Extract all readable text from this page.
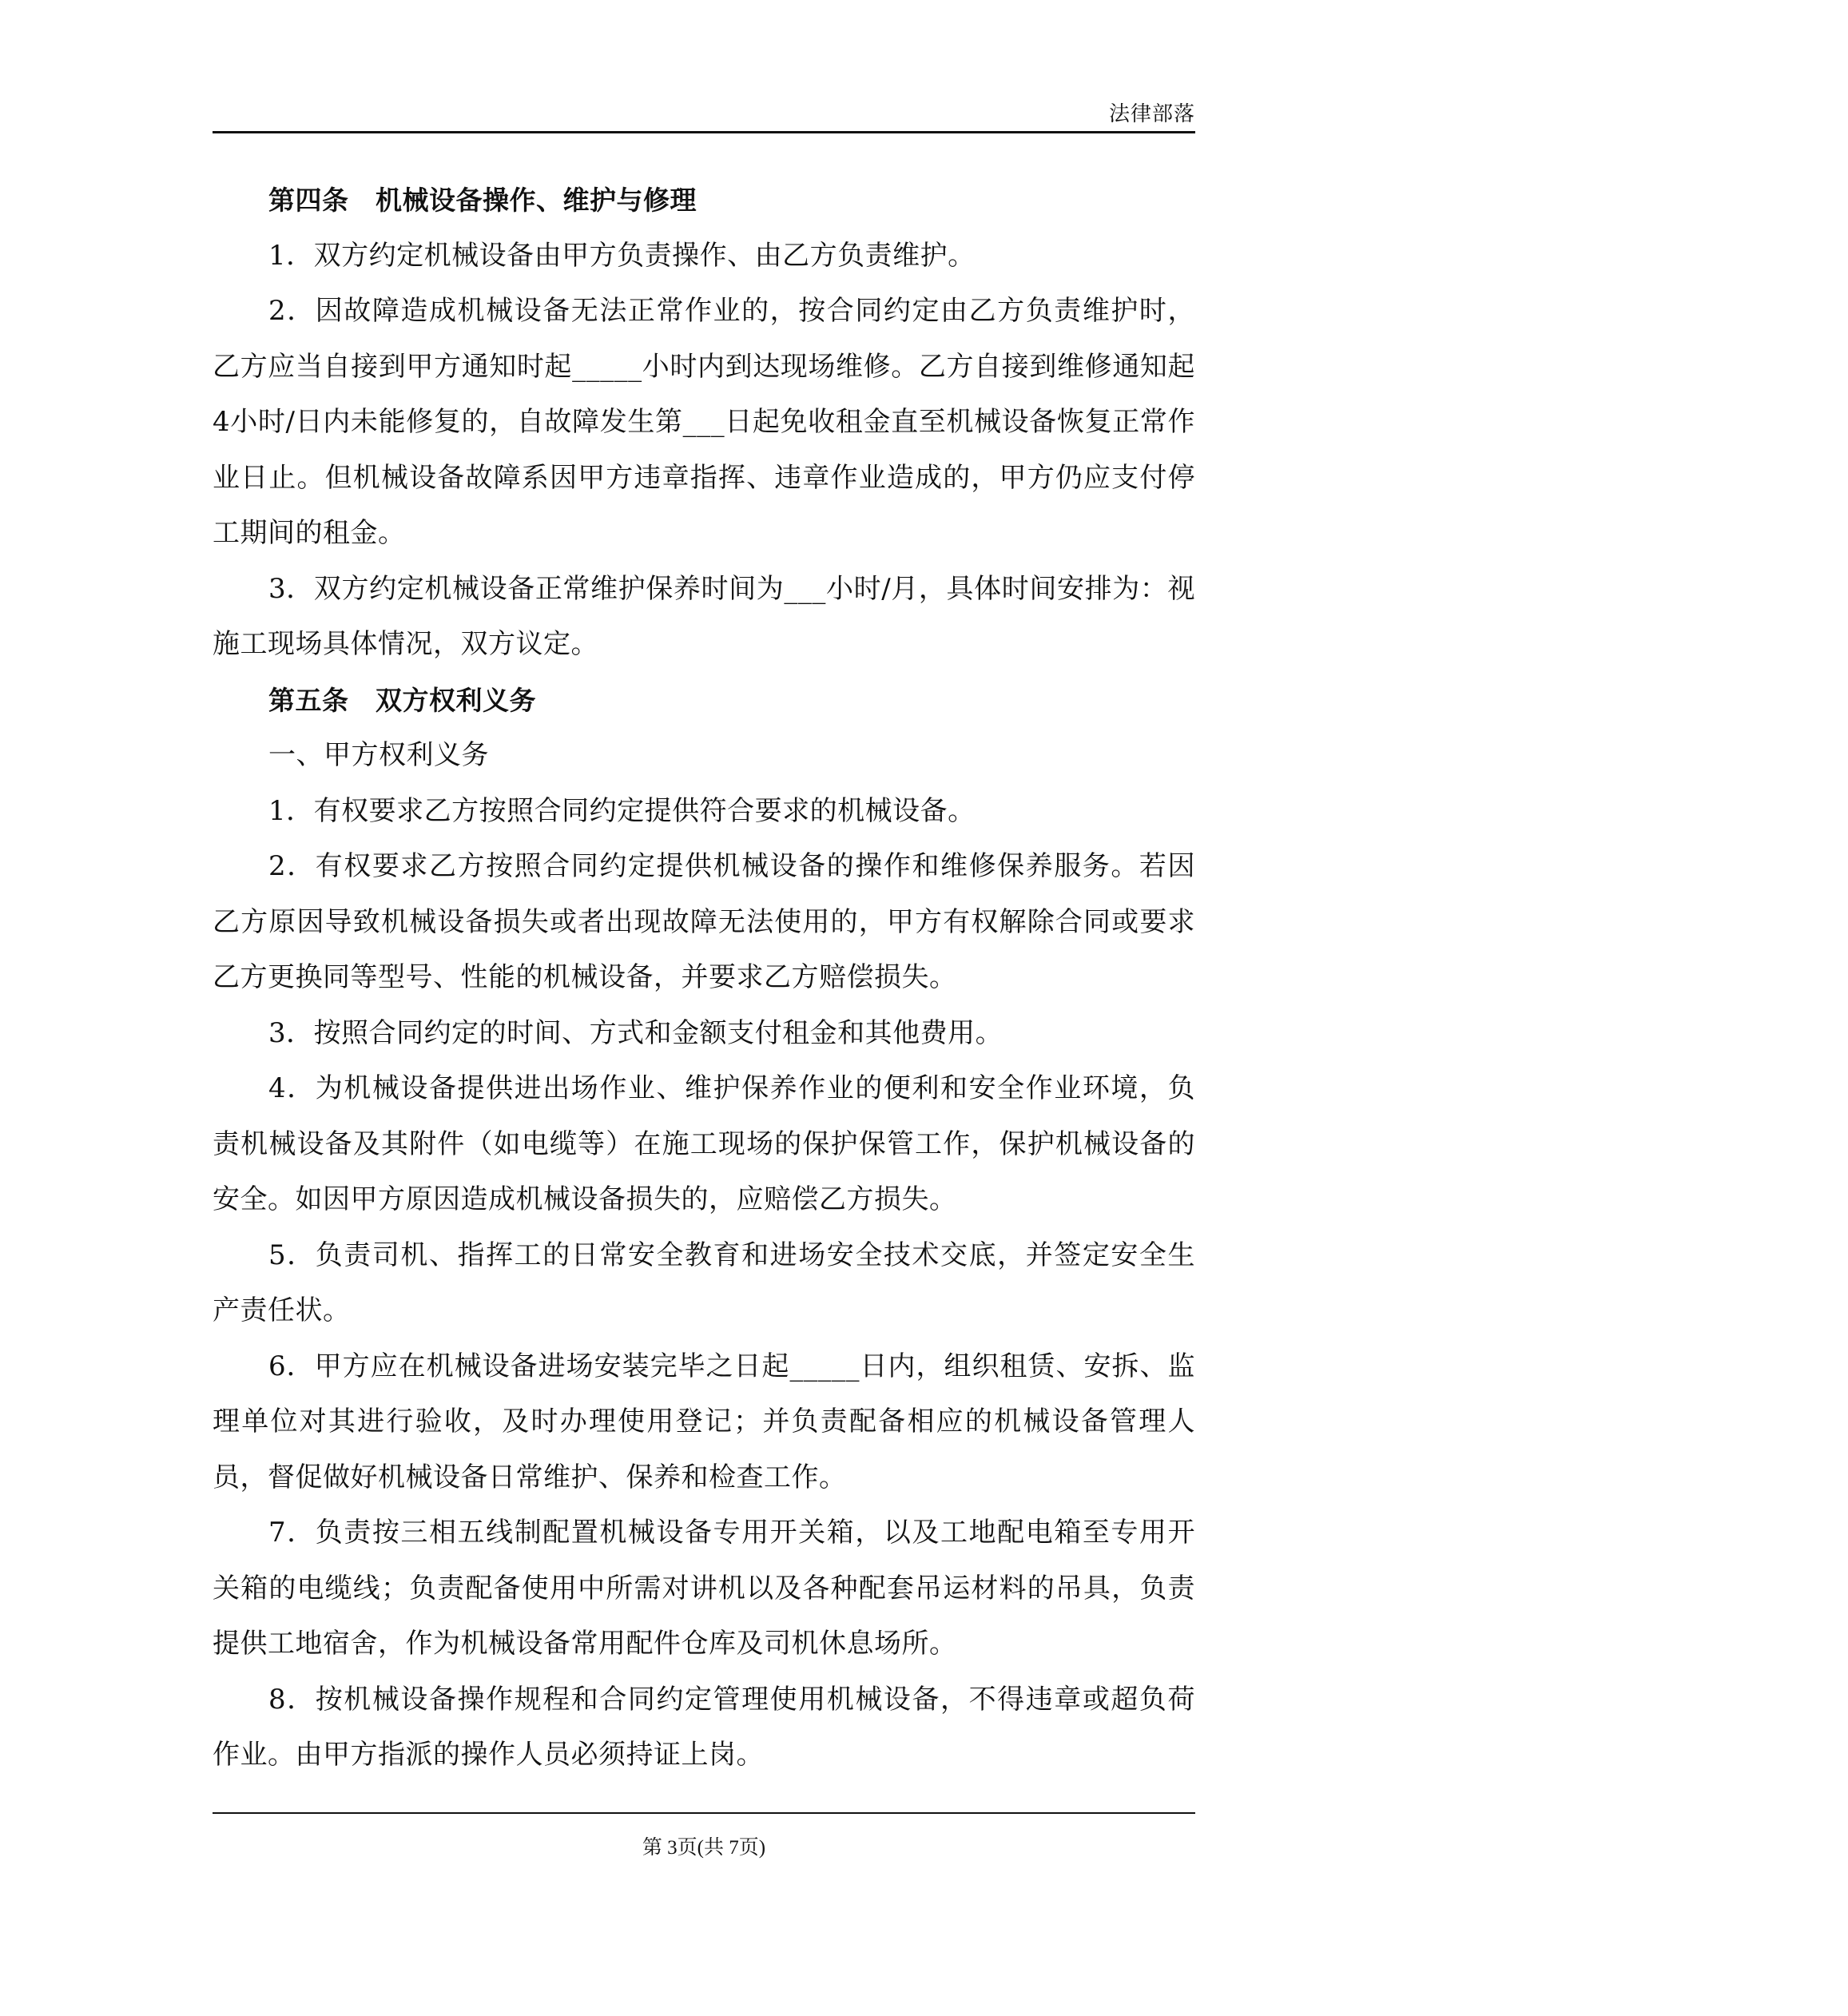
法律部落

第四条　机械设备操作、维护与修理

1．双方约定机械设备由甲方负责操作、由乙方负责维护。

2．因故障造成机械设备无法正常作业的，按合同约定由乙方负责维护时，乙方应当自接到甲方通知时起_____小时内到达现场维修。乙方自接到维修通知起4小时/日内未能修复的，自故障发生第___日起免收租金直至机械设备恢复正常作业日止。但机械设备故障系因甲方违章指挥、违章作业造成的，甲方仍应支付停工期间的租金。

3．双方约定机械设备正常维护保养时间为___小时/月，具体时间安排为：视施工现场具体情况，双方议定。

第五条　双方权利义务

一、甲方权利义务

1．有权要求乙方按照合同约定提供符合要求的机械设备。

2．有权要求乙方按照合同约定提供机械设备的操作和维修保养服务。若因乙方原因导致机械设备损失或者出现故障无法使用的，甲方有权解除合同或要求乙方更换同等型号、性能的机械设备，并要求乙方赔偿损失。

3．按照合同约定的时间、方式和金额支付租金和其他费用。

4．为机械设备提供进出场作业、维护保养作业的便利和安全作业环境，负责机械设备及其附件（如电缆等）在施工现场的保护保管工作，保护机械设备的安全。如因甲方原因造成机械设备损失的，应赔偿乙方损失。

5．负责司机、指挥工的日常安全教育和进场安全技术交底，并签定安全生产责任状。

6．甲方应在机械设备进场安装完毕之日起_____日内，组织租赁、安拆、监理单位对其进行验收，及时办理使用登记；并负责配备相应的机械设备管理人员，督促做好机械设备日常维护、保养和检查工作。

7．负责按三相五线制配置机械设备专用开关箱，以及工地配电箱至专用开关箱的电缆线；负责配备使用中所需对讲机以及各种配套吊运材料的吊具，负责提供工地宿舍，作为机械设备常用配件仓库及司机休息场所。

8．按机械设备操作规程和合同约定管理使用机械设备，不得违章或超负荷作业。由甲方指派的操作人员必须持证上岗。

第 3页(共 7页)
